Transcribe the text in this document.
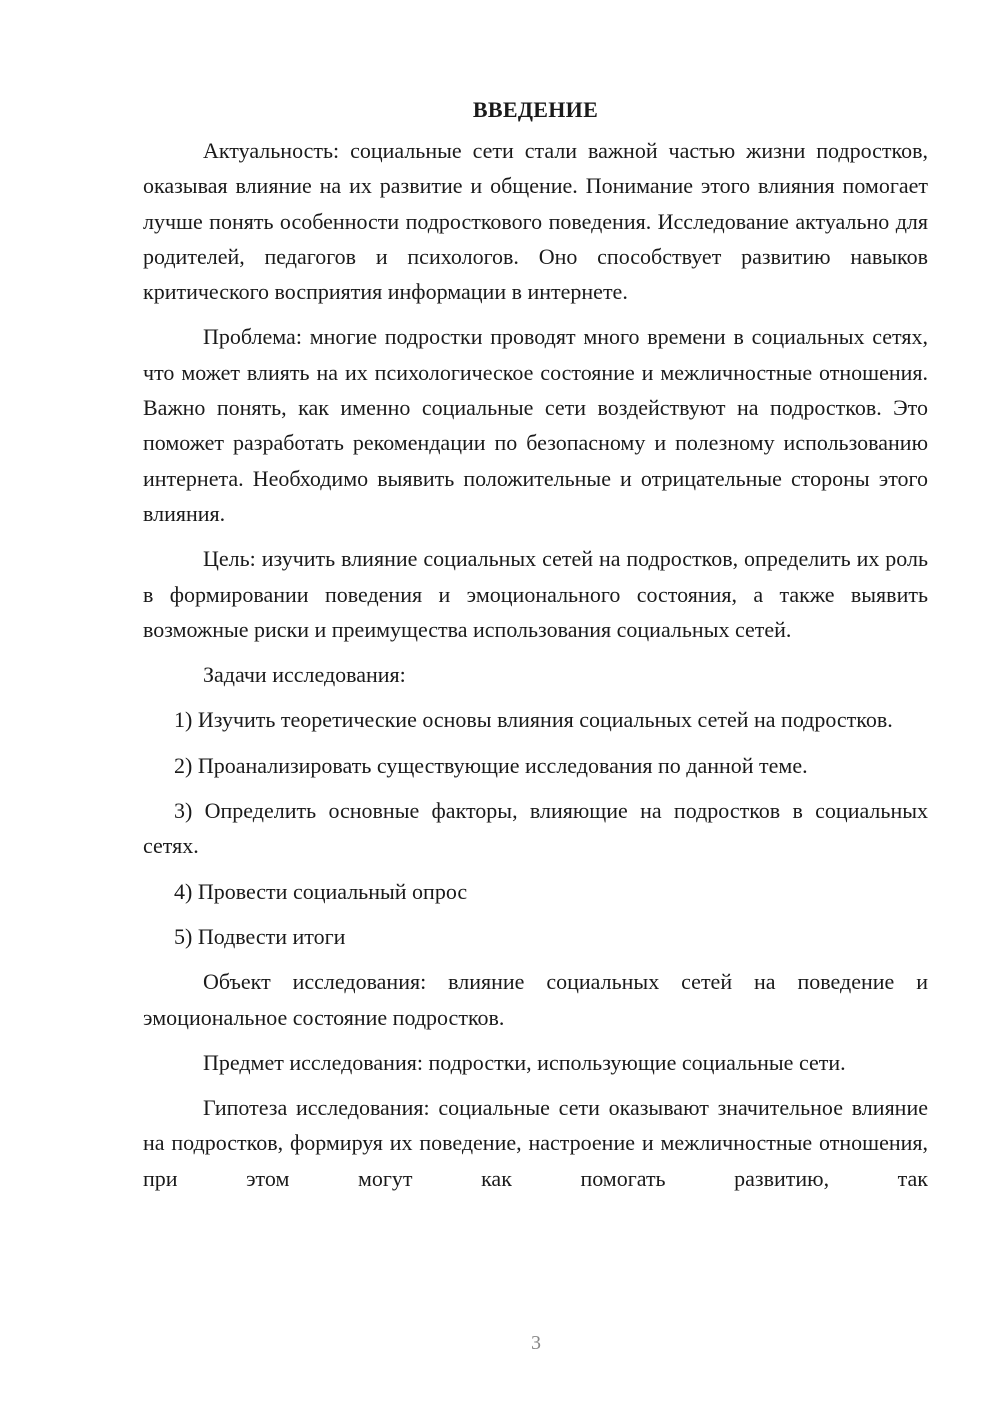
ВВЕДЕНИЕ

Актуальность: социальные сети стали важной частью жизни подростков, оказывая влияние на их развитие и общение. Понимание этого влияния помогает лучше понять особенности подросткового поведения. Исследование актуально для родителей, педагогов и психологов. Оно способствует развитию навыков критического восприятия информации в интернете.

Проблема: многие подростки проводят много времени в социальных сетях, что может влиять на их психологическое состояние и межличностные отношения. Важно понять, как именно социальные сети воздействуют на подростков. Это поможет разработать рекомендации по безопасному и полезному использованию интернета. Необходимо выявить положительные и отрицательные стороны этого влияния.

Цель: изучить влияние социальных сетей на подростков, определить их роль в формировании поведения и эмоционального состояния, а также выявить возможные риски и преимущества использования социальных сетей.

Задачи исследования:

1) Изучить теоретические основы влияния социальных сетей на подростков.

2) Проанализировать существующие исследования по данной теме.

3) Определить основные факторы, влияющие на подростков в социальных сетях.

4) Провести социальный опрос

5) Подвести итоги

Объект исследования: влияние социальных сетей на поведение и эмоциональное состояние подростков.

Предмет исследования: подростки, использующие социальные сети.

Гипотеза исследования: социальные сети оказывают значительное влияние на подростков, формируя их поведение, настроение и межличностные отношения, при этом могут как помогать развитию, так

3
